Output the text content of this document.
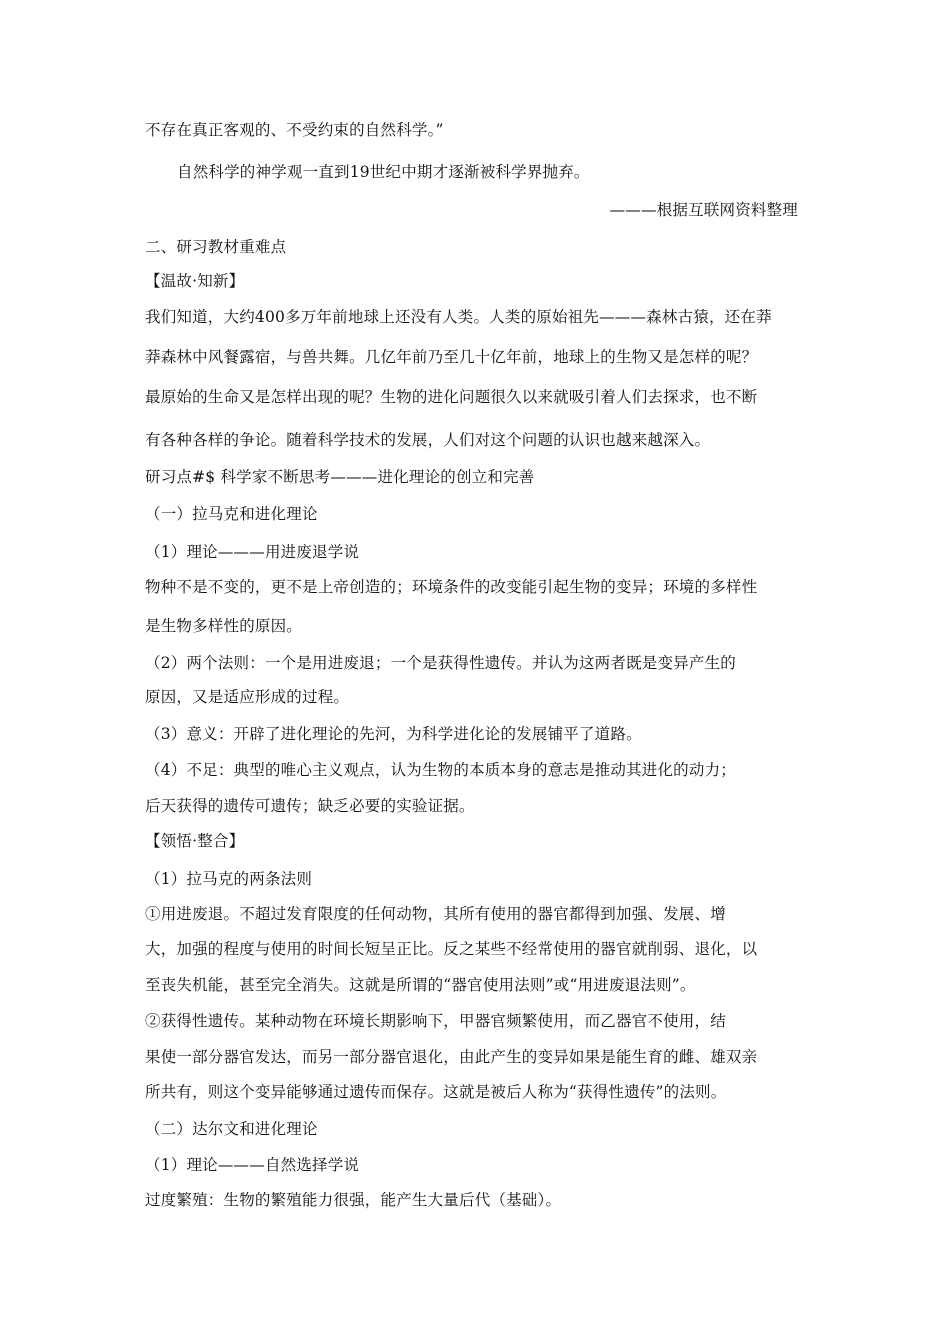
不存在真正客观的、不受约束的自然科学。”
自然科学的神学观一直到19世纪中期才逐渐被科学界抛弃。
———根据互联网资料整理
二、研习教材重难点
【温故·知新】
我们知道，大约400多万年前地球上还没有人类。人类的原始祖先———森林古猿，还在莽
莽森林中风餐露宿，与兽共舞。几亿年前乃至几十亿年前，地球上的生物又是怎样的呢？
最原始的生命又是怎样出现的呢？生物的进化问题很久以来就吸引着人们去探求，也不断
有各种各样的争论。随着科学技术的发展，人们对这个问题的认识也越来越深入。
研习点#$ 科学家不断思考———进化理论的创立和完善
（一）拉马克和进化理论
（1）理论———用进废退学说
物种不是不变的，更不是上帝创造的；环境条件的改变能引起生物的变异；环境的多样性
是生物多样性的原因。
（2）两个法则：一个是用进废退；一个是获得性遗传。并认为这两者既是变异产生的
原因，又是适应形成的过程。
（3）意义：开辟了进化理论的先河，为科学进化论的发展铺平了道路。
（4）不足：典型的唯心主义观点，认为生物的本质本身的意志是推动其进化的动力；
后天获得的遗传可遗传；缺乏必要的实验证据。
【领悟·整合】
（1）拉马克的两条法则
①用进废退。不超过发育限度的任何动物，其所有使用的器官都得到加强、发展、增
大，加强的程度与使用的时间长短呈正比。反之某些不经常使用的器官就削弱、退化，以
至丧失机能，甚至完全消失。这就是所谓的“器官使用法则”或“用进废退法则”。
②获得性遗传。某种动物在环境长期影响下，甲器官频繁使用，而乙器官不使用，结
果使一部分器官发达，而另一部分器官退化，由此产生的变异如果是能生育的雌、雄双亲
所共有，则这个变异能够通过遗传而保存。这就是被后人称为“获得性遗传”的法则。
（二）达尔文和进化理论
（1）理论———自然选择学说
过度繁殖：生物的繁殖能力很强，能产生大量后代（基础）。
